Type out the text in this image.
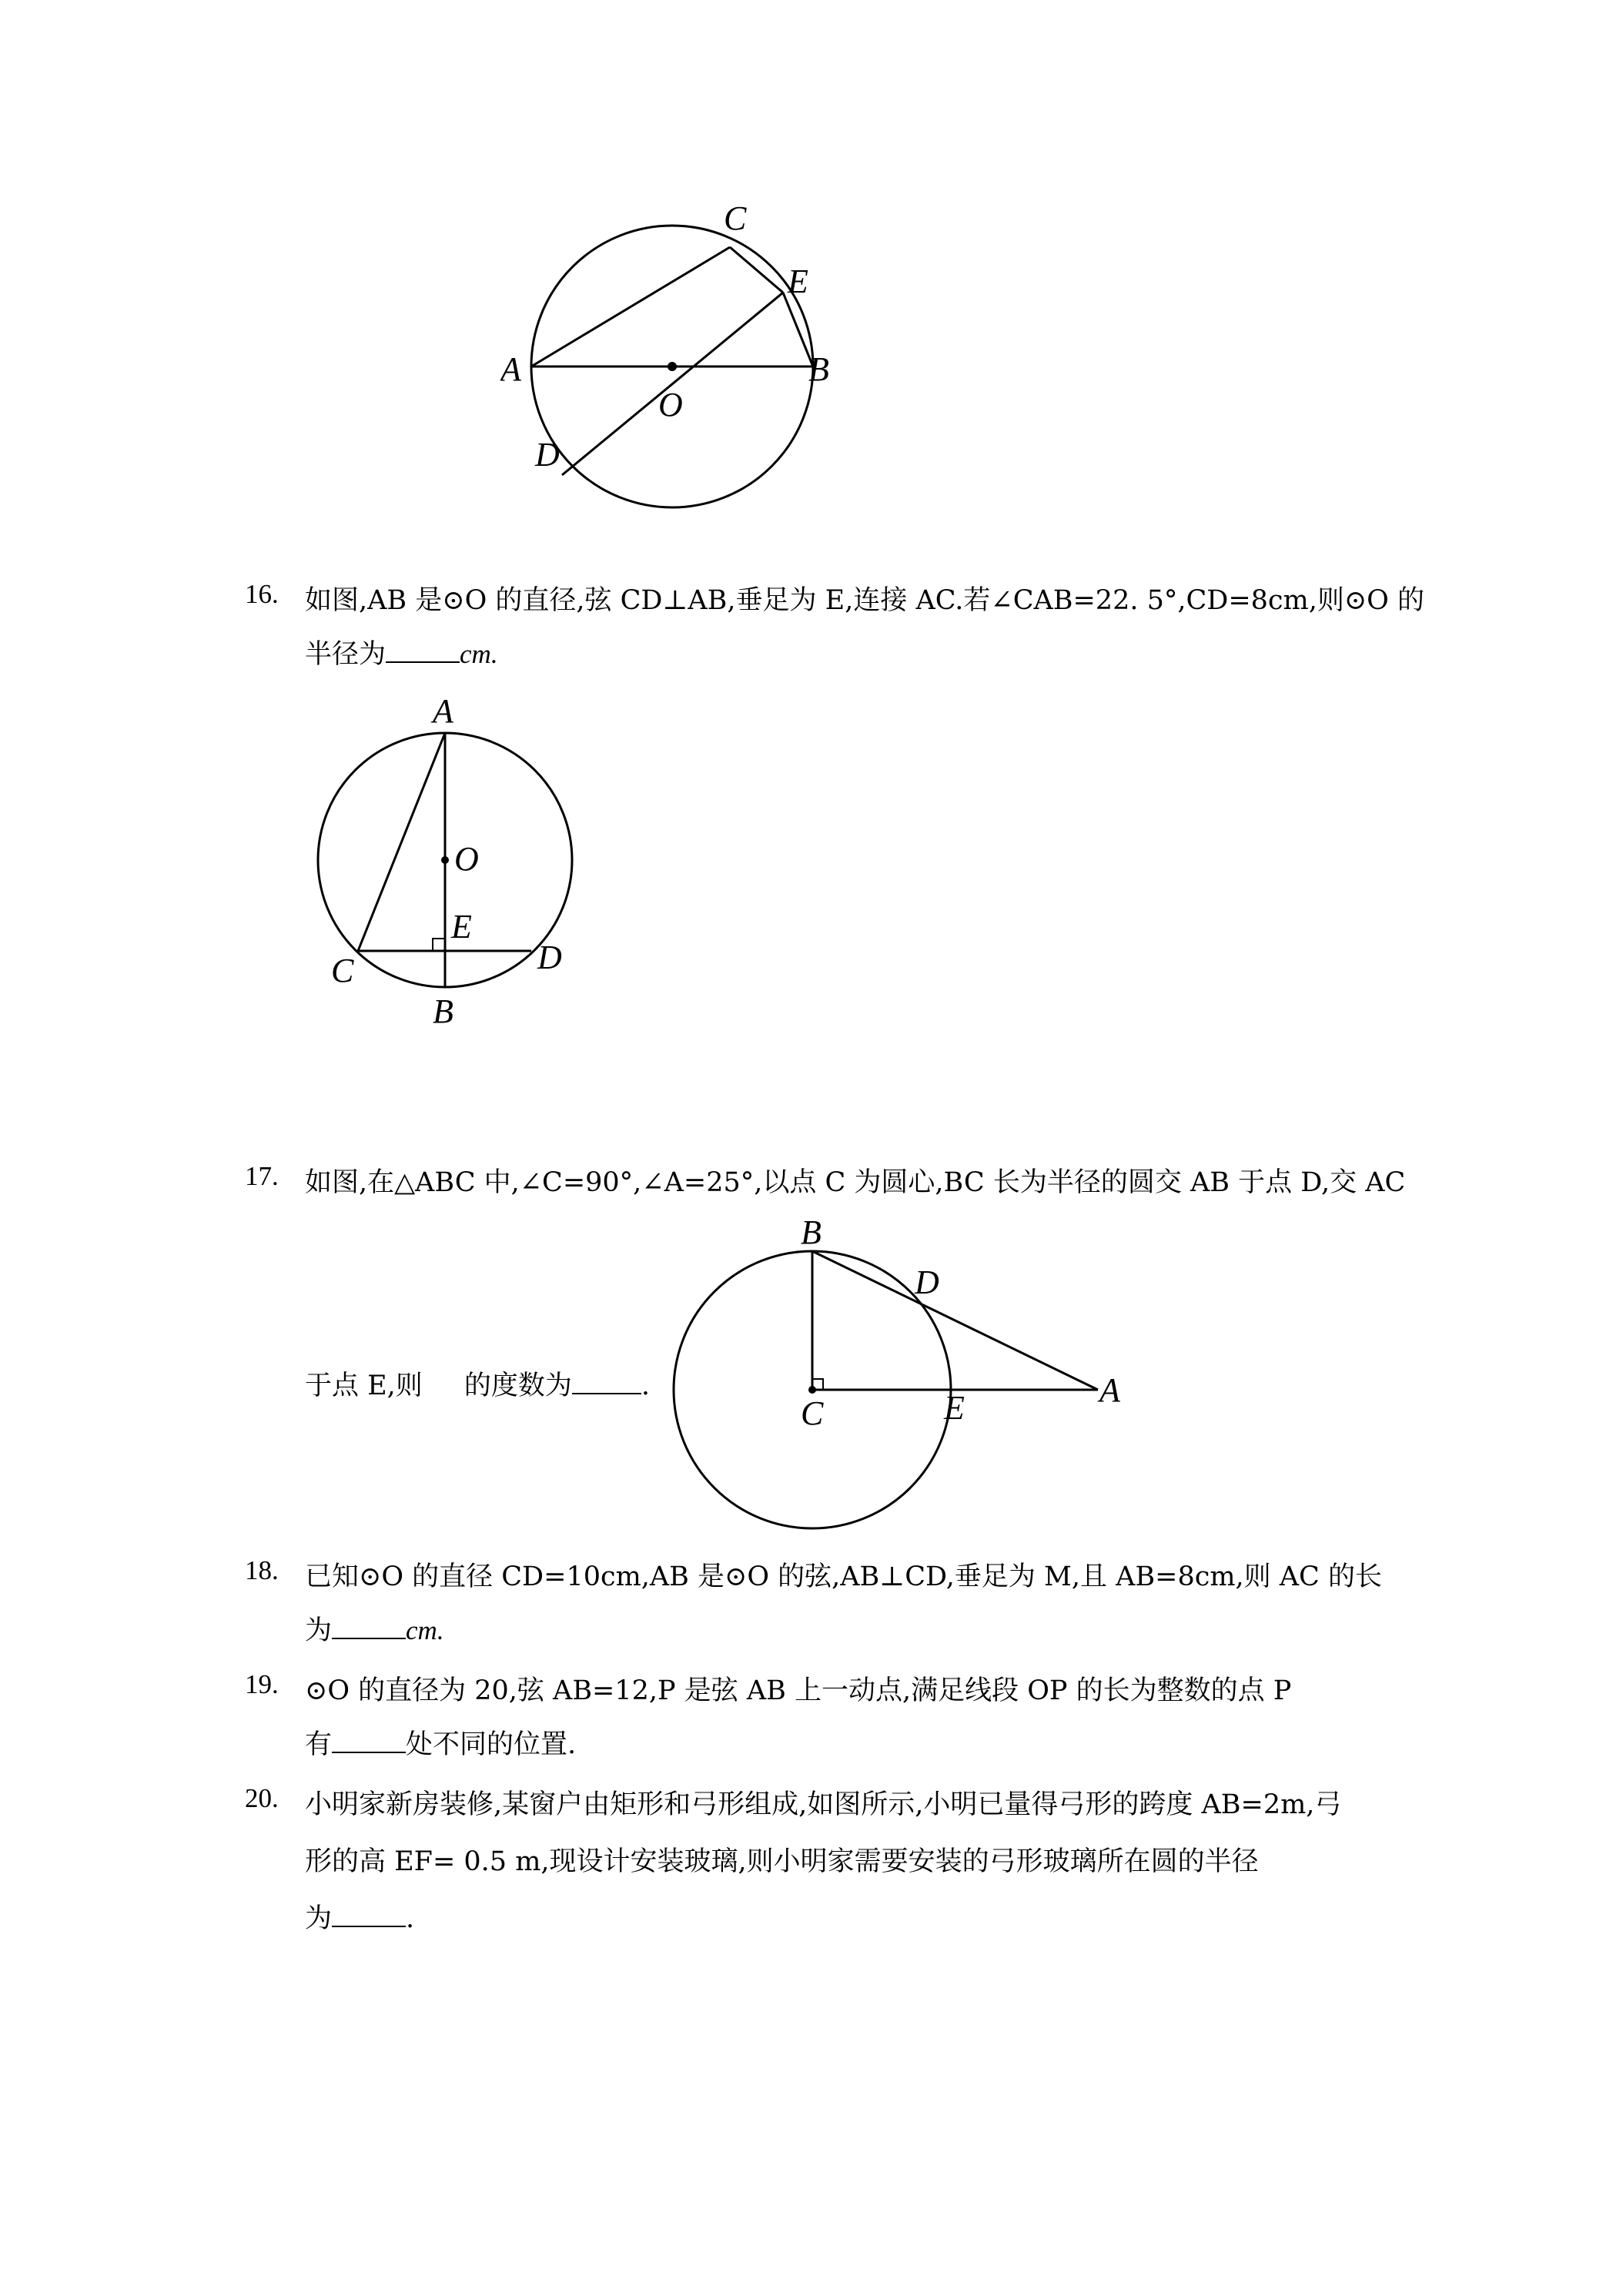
C
E
A	B
O
D
16. 如图,AB 是⊙O 的直径,弦 CD⊥AB,垂足为 E,连接 AC.若∠CAB=22. 5°,CD=8cm,则⊙O 的
半径为	cm.
A
O
E
C	D
B
17. 如图,在△ABC 中,∠C=90°,∠A=25°,以点 C 为圆心,BC 长为半径的圆交 AB 于点 D,交 AC
于点 E,则 的度数为	.
B
D
C	E	A
18. 已知⊙O 的直径 CD=10cm,AB 是⊙O 的弦,AB⊥CD,垂足为 M,且 AB=8cm,则 AC 的长
为	cm.
19. ⊙O 的直径为 20,弦 AB=12,P 是弦 AB 上一动点,满足线段 OP 的长为整数的点 P
有	处不同的位置.
20. 小明家新房装修,某窗户由矩形和弓形组成,如图所示,小明已量得弓形的跨度 AB=2m,弓
形的高 EF= 0.5 m,现设计安装玻璃,则小明家需要安装的弓形玻璃所在圆的半径
为	.
